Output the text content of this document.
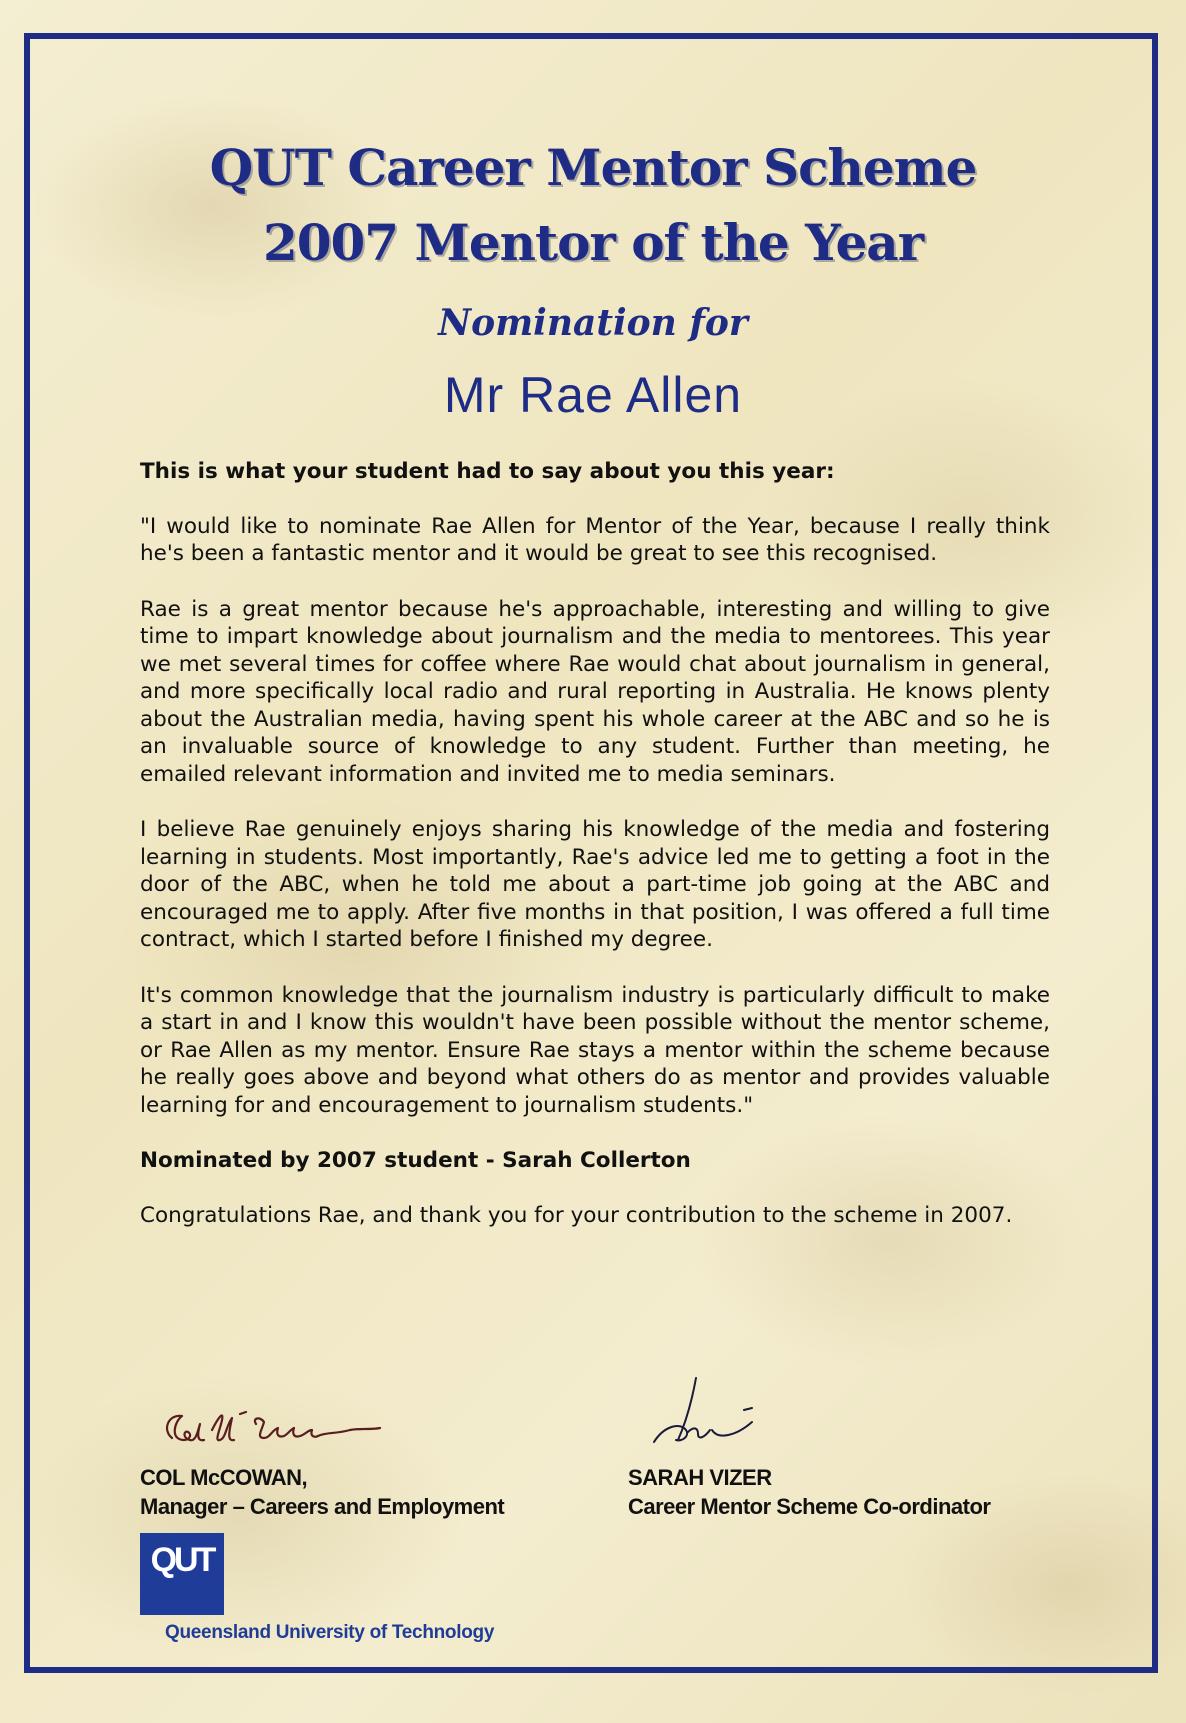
QUT Career Mentor Scheme
2007 Mentor of the Year
Nomination for
Mr Rae Allen

This is what your student had to say about you this year:

"I would like to nominate Rae Allen for Mentor of the Year, because I really think he's been a fantastic mentor and it would be great to see this recognised.

Rae is a great mentor because he's approachable, interesting and willing to give time to impart knowledge about journalism and the media to mentorees. This year we met several times for coffee where Rae would chat about journalism in general, and more specifically local radio and rural reporting in Australia. He knows plenty about the Australian media, having spent his whole career at the ABC and so he is an invaluable source of knowledge to any student. Further than meeting, he emailed relevant information and invited me to media seminars.

I believe Rae genuinely enjoys sharing his knowledge of the media and fostering learning in students. Most importantly, Rae's advice led me to getting a foot in the door of the ABC, when he told me about a part-time job going at the ABC and encouraged me to apply. After five months in that position, I was offered a full time contract, which I started before I finished my degree.

It's common knowledge that the journalism industry is particularly difficult to make a start in and I know this wouldn't have been possible without the mentor scheme, or Rae Allen as my mentor. Ensure Rae stays a mentor within the scheme because he really goes above and beyond what others do as mentor and provides valuable learning for and encouragement to journalism students."

Nominated by 2007 student - Sarah Collerton

Congratulations Rae, and thank you for your contribution to the scheme in 2007.

COL McCOWAN,
Manager – Careers and Employment
SARAH VIZER
Career Mentor Scheme Co-ordinator
QUT
Queensland University of Technology
